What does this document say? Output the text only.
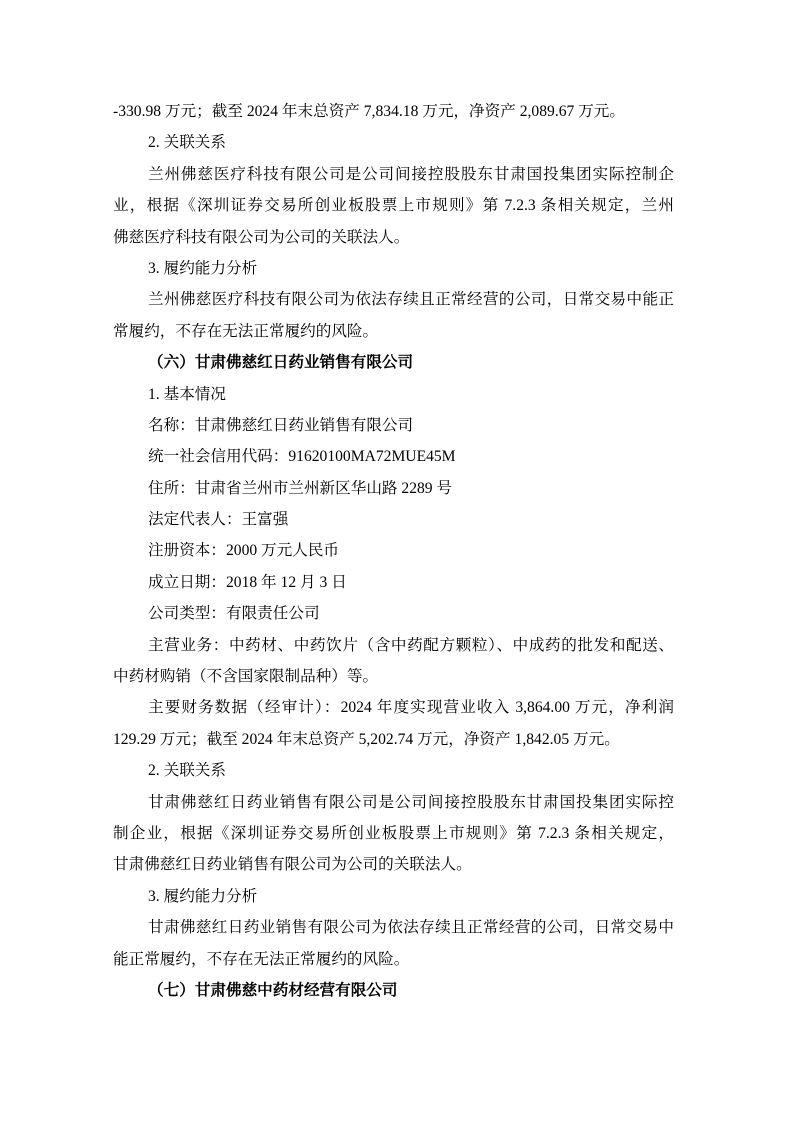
-330.98 万元；截至 2024 年末总资产 7,834.18 万元，净资产 2,089.67 万元。
2. 关联关系
兰州佛慈医疗科技有限公司是公司间接控股股东甘肃国投集团实际控制企
业，根据《深圳证券交易所创业板股票上市规则》第 7.2.3 条相关规定，兰州
佛慈医疗科技有限公司为公司的关联法人。
3. 履约能力分析
兰州佛慈医疗科技有限公司为依法存续且正常经营的公司，日常交易中能正
常履约，不存在无法正常履约的风险。
（六）甘肃佛慈红日药业销售有限公司
1. 基本情况
名称：甘肃佛慈红日药业销售有限公司
统一社会信用代码：91620100MA72MUE45M
住所：甘肃省兰州市兰州新区华山路 2289 号
法定代表人：王富强
注册资本：2000 万元人民币
成立日期：2018 年 12 月 3 日
公司类型：有限责任公司
主营业务：中药材、中药饮片（含中药配方颗粒）、中成药的批发和配送、
中药材购销（不含国家限制品种）等。
主要财务数据（经审计）：2024 年度实现营业收入 3,864.00 万元，净利润
129.29 万元；截至 2024 年末总资产 5,202.74 万元，净资产 1,842.05 万元。
2. 关联关系
甘肃佛慈红日药业销售有限公司是公司间接控股股东甘肃国投集团实际控
制企业，根据《深圳证券交易所创业板股票上市规则》第 7.2.3 条相关规定，
甘肃佛慈红日药业销售有限公司为公司的关联法人。
3. 履约能力分析
甘肃佛慈红日药业销售有限公司为依法存续且正常经营的公司，日常交易中
能正常履约，不存在无法正常履约的风险。
（七）甘肃佛慈中药材经营有限公司
